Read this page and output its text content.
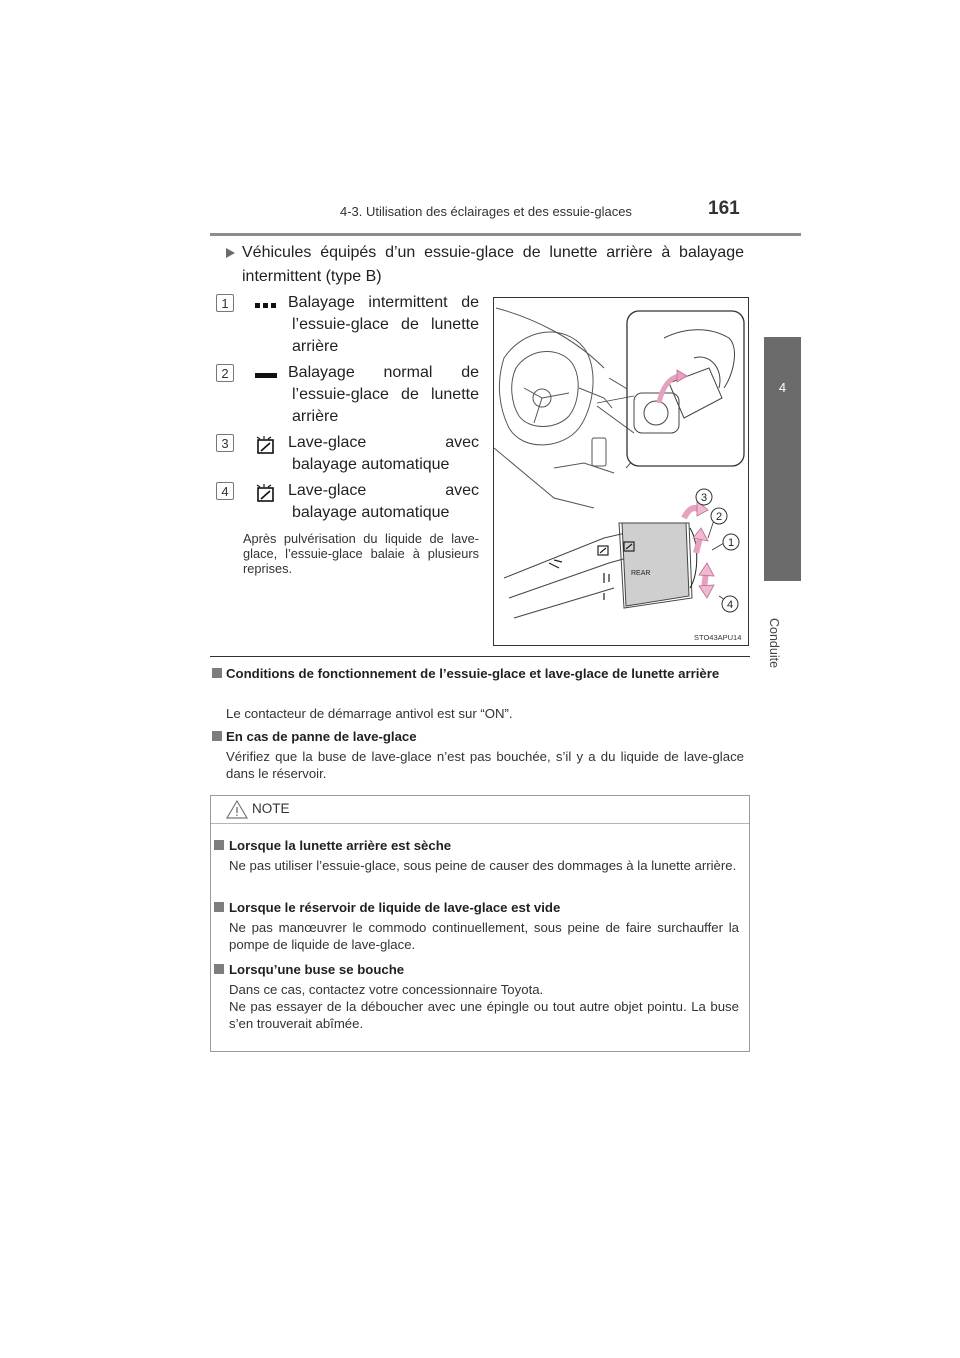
4-3. Utilisation des éclairages et des essuie-glaces	161
4
Conduite
Véhicules équipés d’un essuie-glace de lunette arrière à balayage intermittent (type B)
1	Balayage intermittent de
l’essuie-glace de lunette
arrière
2	Balayage normal de
l’essuie-glace de lunette
arrière
3	Lave-glace avec
balayage automatique
4	Lave-glace avec
balayage automatique
Après pulvérisation du liquide de lave-glace, l’essuie-glace balaie à plusieurs reprises.	REAR
3
2
1
4
STO43APU14
Conditions de fonctionnement de l’essuie-glace et lave-glace de lunette arrière
Le contacteur de démarrage antivol est sur “ON”.
En cas de panne de lave-glace
Vérifiez que la buse de lave-glace n’est pas bouchée, s’il y a du liquide de lave-glace dans le réservoir.
NOTE
Lorsque la lunette arrière est sèche
Ne pas utiliser l’essuie-glace, sous peine de causer des dommages à la lunette arrière.
Lorsque le réservoir de liquide de lave-glace est vide
Ne pas manœuvrer le commodo continuellement, sous peine de faire surchauffer la pompe de liquide de lave-glace.
Lorsqu’une buse se bouche
Dans ce cas, contactez votre concessionnaire Toyota.
Ne pas essayer de la déboucher avec une épingle ou tout autre objet pointu. La buse s’en trouverait abîmée.
